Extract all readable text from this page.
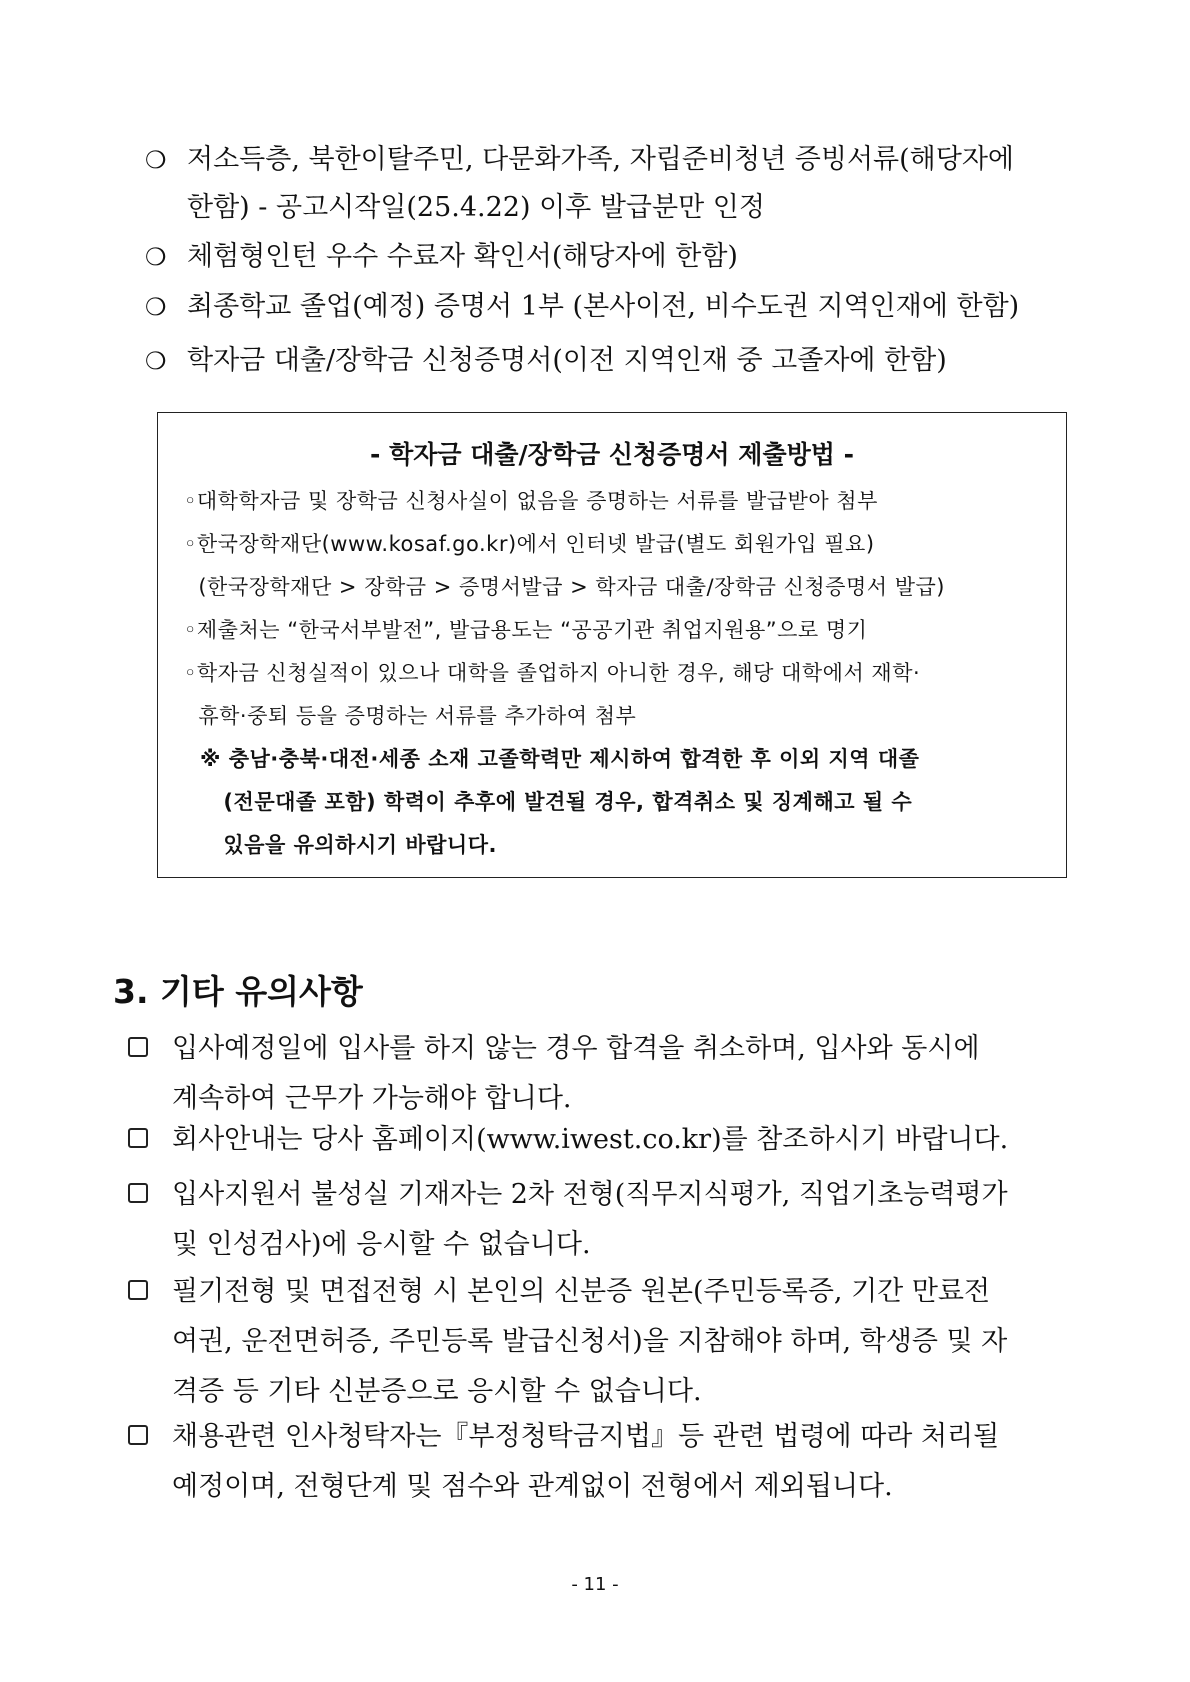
❍ 저소득층, 북한이탈주민, 다문화가족, 자립준비청년 증빙서류(해당자에
한함) - 공고시작일(25.4.22) 이후 발급분만 인정
❍ 체험형인턴 우수 수료자 확인서(해당자에 한함)
❍ 최종학교 졸업(예정) 증명서 1부 (본사이전, 비수도권 지역인재에 한함)
❍ 학자금 대출/장학금 신청증명서(이전 지역인재 중 고졸자에 한함)
- 학자금 대출/장학금 신청증명서 제출방법 -
◦대학학자금 및 장학금 신청사실이 없음을 증명하는 서류를 발급받아 첨부
◦한국장학재단(www.kosaf.go.kr)에서 인터넷 발급(별도 회원가입 필요)
(한국장학재단 > 장학금 > 증명서발급 > 학자금 대출/장학금 신청증명서 발급)
◦제출처는 “한국서부발전”, 발급용도는 “공공기관 취업지원용”으로 명기
◦학자금 신청실적이 있으나 대학을 졸업하지 아니한 경우, 해당 대학에서 재학·
휴학·중퇴 등을 증명하는 서류를 추가하여 첨부
※ 충남·충북·대전·세종 소재 고졸학력만 제시하여 합격한 후 이외 지역 대졸
(전문대졸 포함) 학력이 추후에 발견될 경우, 합격취소 및 징계해고 될 수
있음을 유의하시기 바랍니다.
3. 기타 유의사항
입사예정일에 입사를 하지 않는 경우 합격을 취소하며, 입사와 동시에
계속하여 근무가 가능해야 합니다.
회사안내는 당사 홈페이지(www.iwest.co.kr)를 참조하시기 바랍니다.
입사지원서 불성실 기재자는 2차 전형(직무지식평가, 직업기초능력평가
및 인성검사)에 응시할 수 없습니다.
필기전형 및 면접전형 시 본인의 신분증 원본(주민등록증, 기간 만료전
여권, 운전면허증, 주민등록 발급신청서)을 지참해야 하며, 학생증 및 자
격증 등 기타 신분증으로 응시할 수 없습니다.
채용관련 인사청탁자는『부정청탁금지법』등 관련 법령에 따라 처리될
예정이며, 전형단계 및 점수와 관계없이 전형에서 제외됩니다.
- 11 -
